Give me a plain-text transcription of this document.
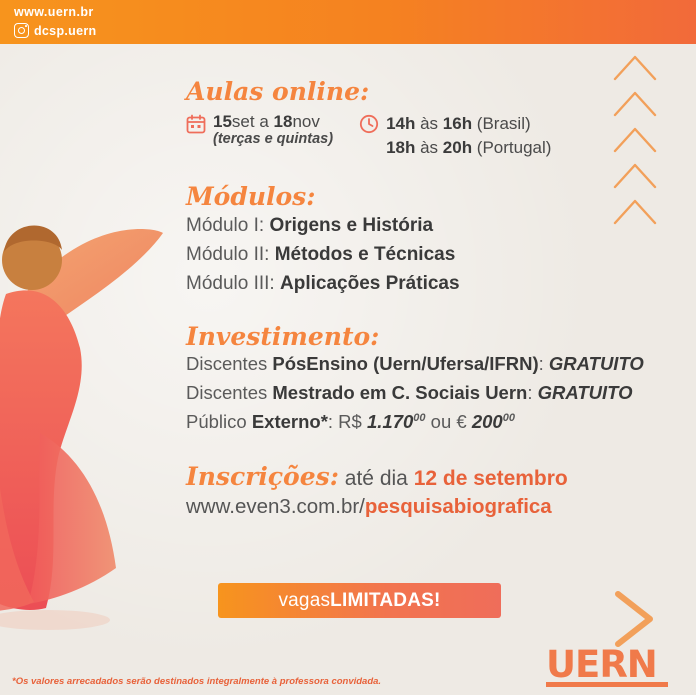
www.uern.br
dcsp.uern
Aulas online:
15set a 18nov
(terças e quintas)
14h às 16h (Brasil)
18h às 20h (Portugal)
Módulos:
Módulo I: Origens e História
Módulo II: Métodos e Técnicas
Módulo III: Aplicações Práticas
Investimento:
Discentes PósEnsino (Uern/Ufersa/IFRN): GRATUITO
Discentes Mestrado em C. Sociais Uern: GRATUITO
Público Externo*: R$ 1.170$^{00}$ ou € $200^{00}$
Inscrições: até dia 12 de setembro
www.even3.com.br/pesquisabiografica
vagas LIMITADAS!
*Os valores arrecadados serão destinados integralmente à professora convidada.	UERN
